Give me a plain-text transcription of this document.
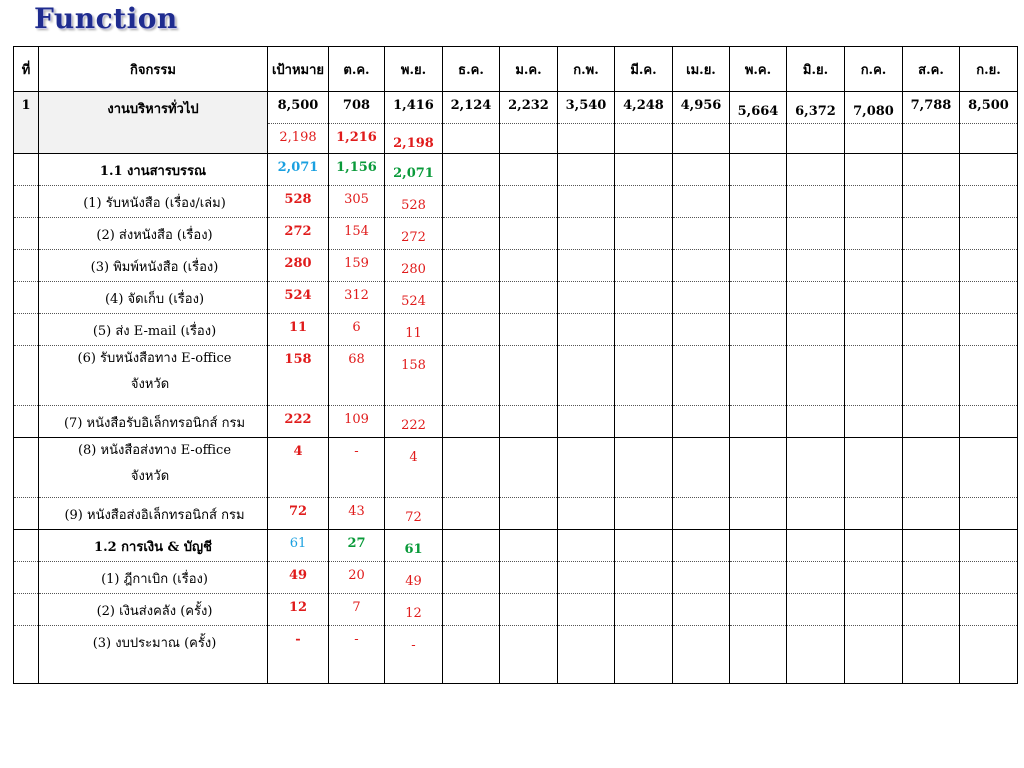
Function
ที่	กิจกรรม	เป้าหมาย	ต.ค.	พ.ย.	ธ.ค.	ม.ค.	ก.พ.	มี.ค.	เม.ย.	พ.ค.	มิ.ย.	ก.ค.	ส.ค.	ก.ย.
1	งานบริหารทั่วไป	8,500	708	1,416	2,124	2,232	3,540	4,248	4,956	5,664	6,372	7,080	7,788	8,500
		2,198	1,216	2,198										
	1.1 งานสารบรรณ	2,071	1,156	2,071										
	(1) รับหนังสือ (เรื่อง/เล่ม)	528	305	528										
	(2) ส่งหนังสือ (เรื่อง)	272	154	272										
	(3) พิมพ์หนังสือ (เรื่อง)	280	159	280										
	(4) จัดเก็บ (เรื่อง)	524	312	524										
	(5) ส่ง E-mail (เรื่อง)	11	6	11										
	(6) รับหนังสือทาง E-office
จังหวัด	158	68	158										
	(7) หนังสือรับอิเล็กทรอนิกส์ กรม	222	109	222										
	(8) หนังสือส่งทาง E-office
จังหวัด	4	-	4										
	(9) หนังสือส่งอิเล็กทรอนิกส์ กรม	72	43	72										
	1.2 การเงิน & บัญชี	61	27	61										
	(1) ฎีกาเบิก (เรื่อง)	49	20	49										
	(2) เงินส่งคลัง (ครั้ง)	12	7	12										
	(3) งบประมาณ (ครั้ง)	-	-	-										
